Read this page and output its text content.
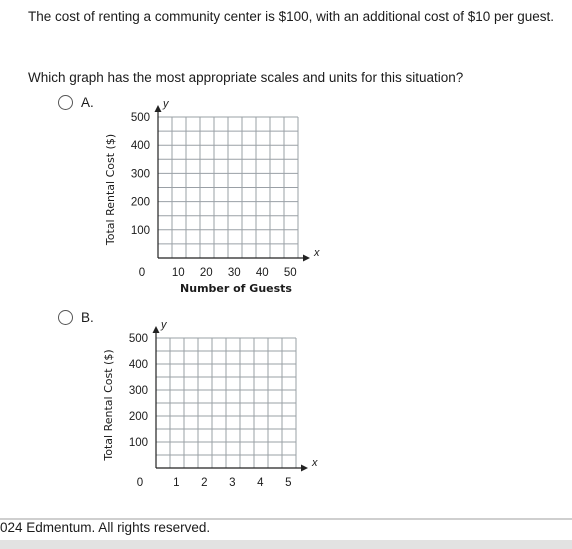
The cost of renting a community center is $100, with an additional cost of $10 per guest.
Which graph has the most appropriate scales and units for this situation?
A.
B.
x
y
0 10 20 30 40 50
100
200
300
400
500
Total Rental Cost ($)
Number of Guests
x
y
0	1 2 3 4 5
100
200
300
400
500
Total Rental Cost ($)
024 Edmentum. All rights reserved.
